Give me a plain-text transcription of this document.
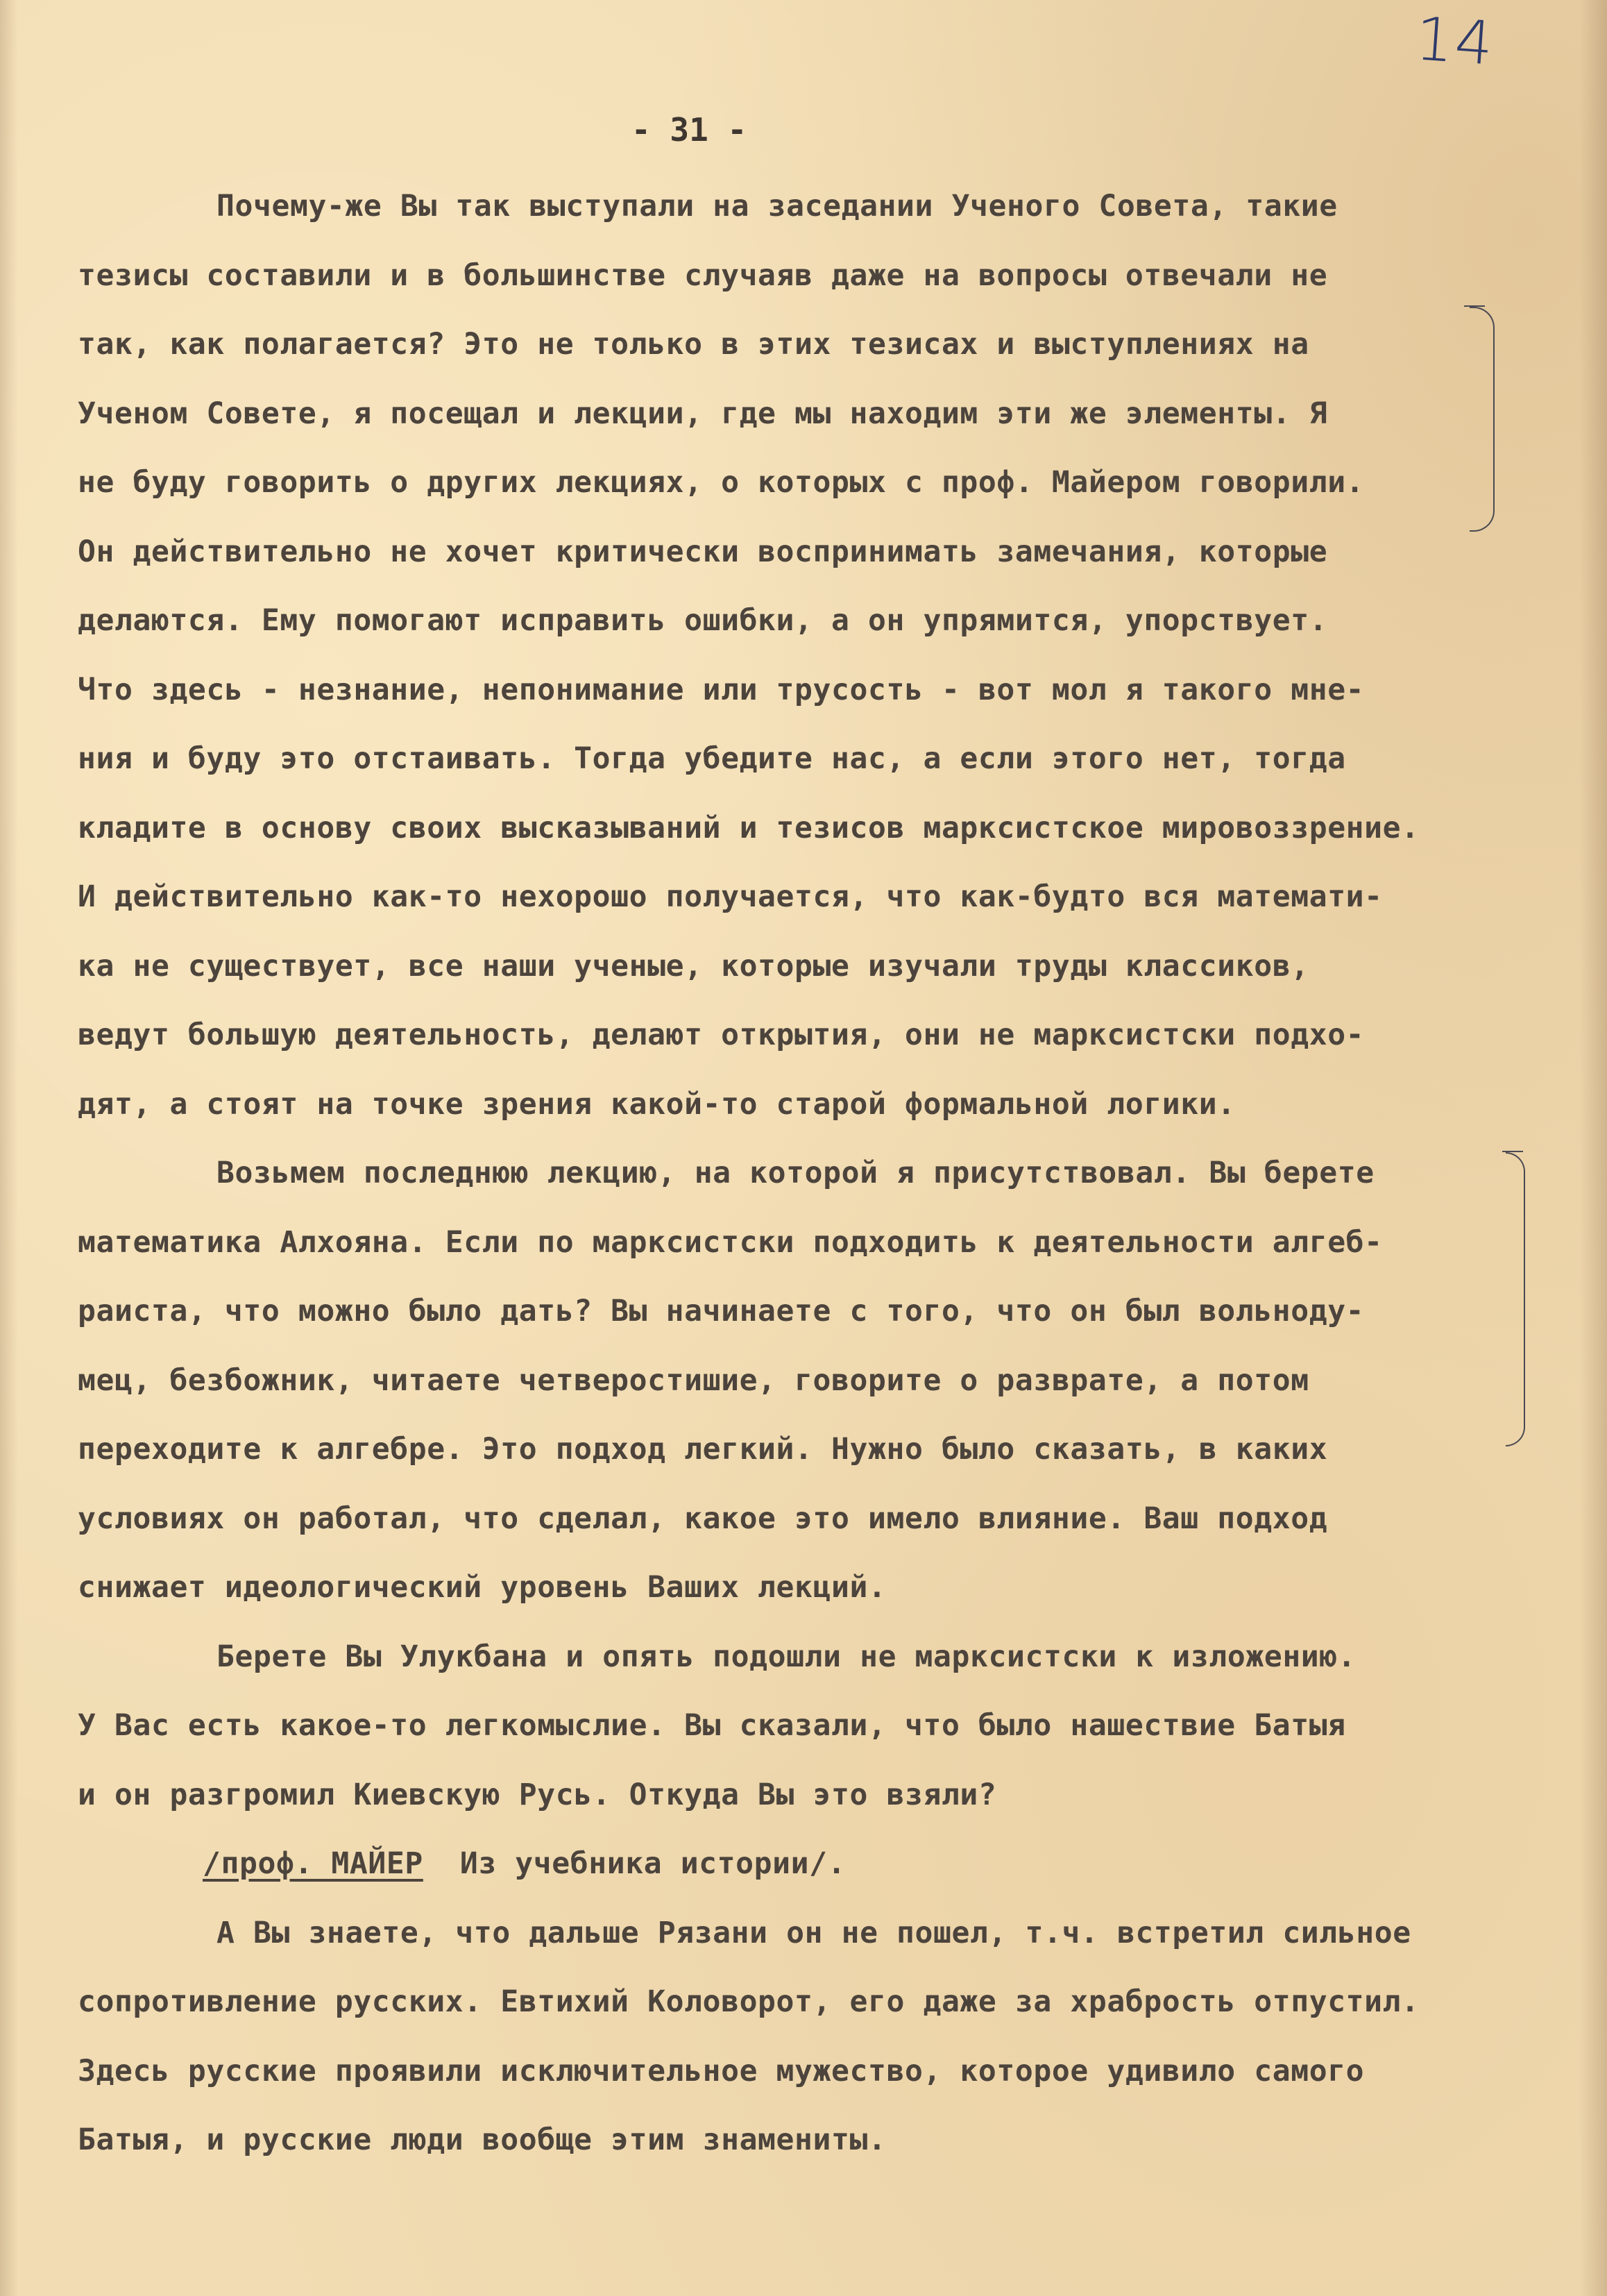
14
- 31 -
Почему-же Вы так выступали на заседании Ученого Совета, такие
тезисы составили и в большинстве случаяв даже на вопросы отвечали не
так, как полагается? Это не только в этих тезисах и выступлениях на
Ученом Совете, я посещал и лекции, где мы находим эти же элементы. Я
не буду говорить о других лекциях, о которых с проф. Майером говорили.
Он действительно не хочет критически воспринимать замечания, которые
делаются. Ему помогают исправить ошибки, а он упрямится, упорствует.
Что здесь - незнание, непонимание или трусость - вот мол я такого мне-
ния и буду это отстаивать. Тогда убедите нас, а если этого нет, тогда
кладите в основу своих высказываний и тезисов марксистское мировоззрение.
И действительно как-то нехорошо получается, что как-будто вся математи-
ка не существует, все наши ученые, которые изучали труды классиков,
ведут большую деятельность, делают открытия, они не марксистски подхо-
дят, а стоят на точке зрения какой-то старой формальной логики.
Возьмем последнюю лекцию, на которой я присутствовал. Вы берете
математика Алхояна. Если по марксистски подходить к деятельности алгеб-
раиста, что можно было дать? Вы начинаете с того, что он был вольноду-
мец, безбожник, читаете четверостишие, говорите о разврате, а потом
переходите к алгебре. Это подход легкий. Нужно было сказать, в каких
условиях он работал, что сделал, какое это имело влияние. Ваш подход
снижает идеологический уровень Ваших лекций.
Берете Вы Улукбана и опять подошли не марксистски к изложению.
У Вас есть какое-то легкомыслие. Вы сказали, что было нашествие Батыя
и он разгромил Киевскую Русь. Откуда Вы это взяли?
/проф. МАЙЕР  Из учебника истории/.
А Вы знаете, что дальше Рязани он не пошел, т.ч. встретил сильное
сопротивление русских. Евтихий Коловорот, его даже за храбрость отпустил.
Здесь русские проявили исключительное мужество, которое удивило самого
Батыя, и русские люди вообще этим знамениты.
